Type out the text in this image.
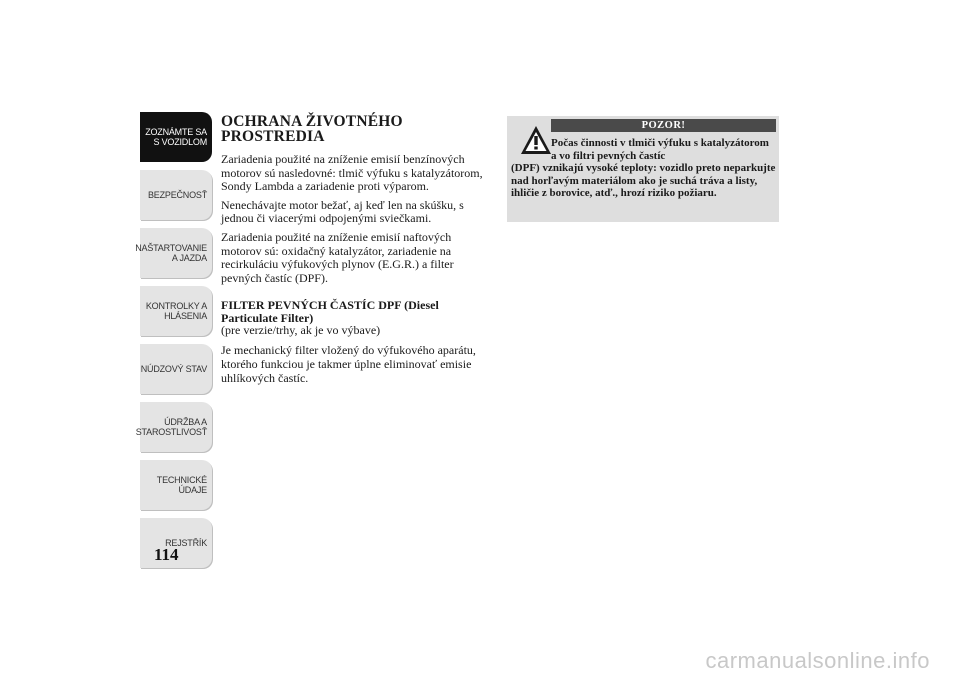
ZOZNÁMTE SA S VOZIDLOM
BEZPEČNOSŤ
NAŠTARTOVANIE A JAZDA
KONTROLKY A HLÁSENIA
NÚDZOVÝ STAV
ÚDRŽBA A STAROSTLIVOSŤ
TECHNICKÉ ÚDAJE
REJSTŘÍK
114
OCHRANA ŽIVOTNÉHO PROSTREDIA

Zariadenia použité na zníženie emisií benzínových motorov sú nasledovné: tlmič výfuku s katalyzátorom, Sondy Lambda a zariadenie proti výparom.

Nenechávajte motor bežať, aj keď len na skúšku, s jednou či viacerými odpojenými sviečkami.

Zariadenia použité na zníženie emisií naftových motorov sú: oxidačný katalyzátor, zariadenie na recirkuláciu výfukových plynov (E.G.R.) a filter pevných častíc (DPF).

FILTER PEVNÝCH ČASTÍC DPF (Diesel Particulate Filter)

(pre verzie/trhy, ak je vo výbave)

Je mechanický filter vložený do výfukového aparátu, ktorého funkciou je takmer úplne eliminovať emisie uhlíkových častíc.

POZOR!
Počas činnosti v tlmiči výfuku s katalyzátorom a vo filtri pevných častíc
(DPF) vznikajú vysoké teploty: vozidlo preto neparkujte nad horľavým materiálom ako je suchá tráva a listy, ihličie z borovice, atď., hrozí riziko požiaru.
carmanualsonline.info
